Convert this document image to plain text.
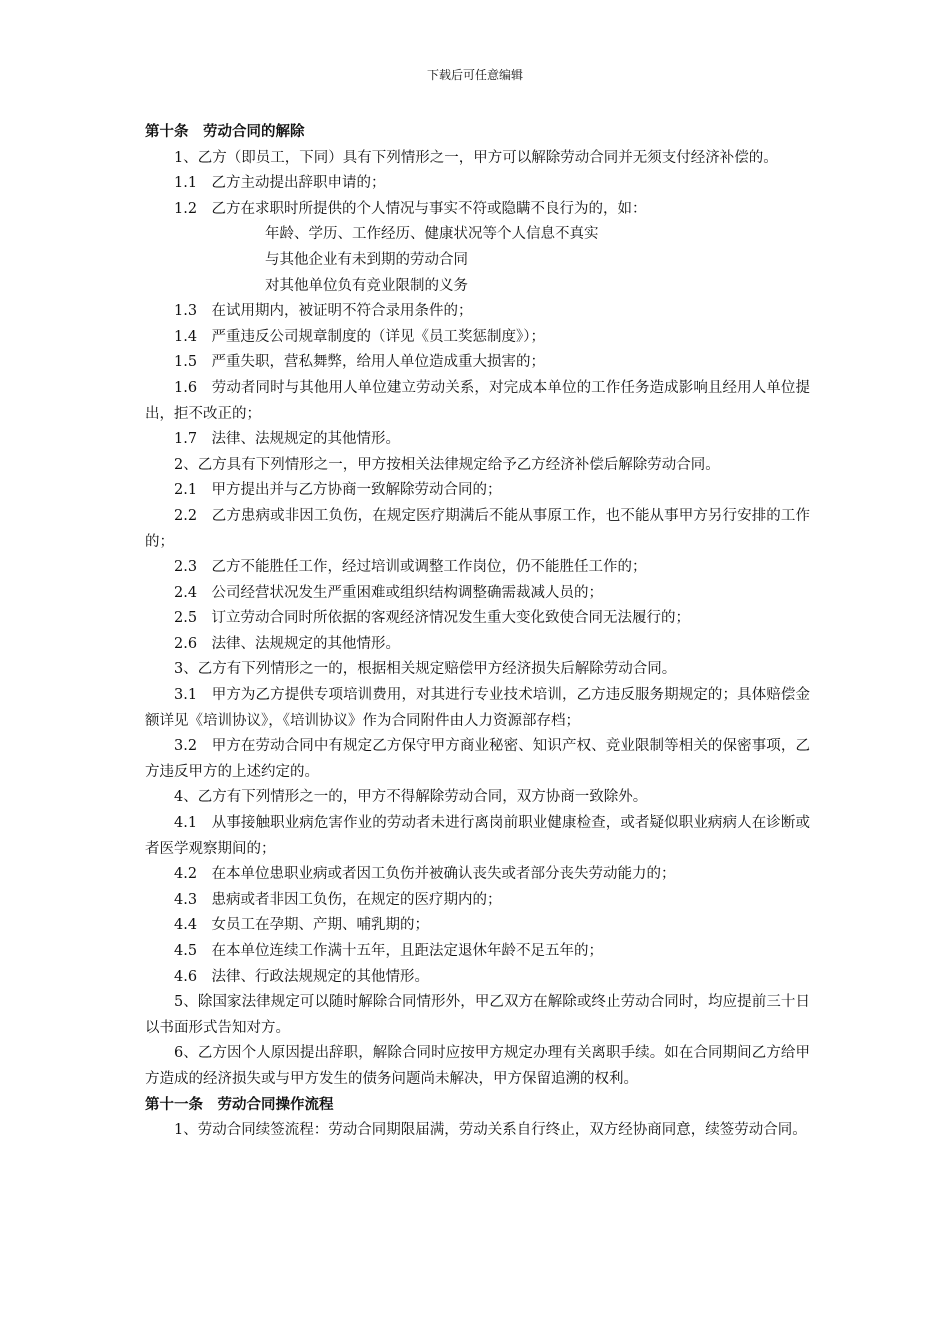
下载后可任意编辑
第十条　劳动合同的解除

1、乙方（即员工，下同）具有下列情形之一，甲方可以解除劳动合同并无须支付经济补偿的。

1.1　乙方主动提出辞职申请的；

1.2　乙方在求职时所提供的个人情况与事实不符或隐瞒不良行为的，如：

年龄、学历、工作经历、健康状况等个人信息不真实

与其他企业有未到期的劳动合同

对其他单位负有竞业限制的义务

1.3　在试用期内，被证明不符合录用条件的；

1.4　严重违反公司规章制度的（详见《员工奖惩制度》）；

1.5　严重失职，营私舞弊，给用人单位造成重大损害的；

1.6　劳动者同时与其他用人单位建立劳动关系，对完成本单位的工作任务造成影响且经用人单位提出，拒不改正的；

1.7　法律、法规规定的其他情形。

2、乙方具有下列情形之一，甲方按相关法律规定给予乙方经济补偿后解除劳动合同。

2.1　甲方提出并与乙方协商一致解除劳动合同的；

2.2　乙方患病或非因工负伤，在规定医疗期满后不能从事原工作，也不能从事甲方另行安排的工作的；

2.3　乙方不能胜任工作，经过培训或调整工作岗位，仍不能胜任工作的；

2.4　公司经营状况发生严重困难或组织结构调整确需裁减人员的；

2.5　订立劳动合同时所依据的客观经济情况发生重大变化致使合同无法履行的；

2.6　法律、法规规定的其他情形。

3、乙方有下列情形之一的，根据相关规定赔偿甲方经济损失后解除劳动合同。

3.1　甲方为乙方提供专项培训费用，对其进行专业技术培训，乙方违反服务期规定的；具体赔偿金额详见《培训协议》，《培训协议》作为合同附件由人力资源部存档；

3.2　甲方在劳动合同中有规定乙方保守甲方商业秘密、知识产权、竞业限制等相关的保密事项，乙方违反甲方的上述约定的。

4、乙方有下列情形之一的，甲方不得解除劳动合同，双方协商一致除外。

4.1　从事接触职业病危害作业的劳动者未进行离岗前职业健康检查，或者疑似职业病病人在诊断或者医学观察期间的；

4.2　在本单位患职业病或者因工负伤并被确认丧失或者部分丧失劳动能力的；

4.3　患病或者非因工负伤，在规定的医疗期内的；

4.4　女员工在孕期、产期、哺乳期的；

4.5　在本单位连续工作满十五年，且距法定退休年龄不足五年的；

4.6　法律、行政法规规定的其他情形。

5、除国家法律规定可以随时解除合同情形外，甲乙双方在解除或终止劳动合同时，均应提前三十日以书面形式告知对方。

6、乙方因个人原因提出辞职，解除合同时应按甲方规定办理有关离职手续。如在合同期间乙方给甲方造成的经济损失或与甲方发生的债务问题尚未解决，甲方保留追溯的权利。

第十一条　劳动合同操作流程

1、劳动合同续签流程：劳动合同期限届满，劳动关系自行终止，双方经协商同意，续签劳动合同。
